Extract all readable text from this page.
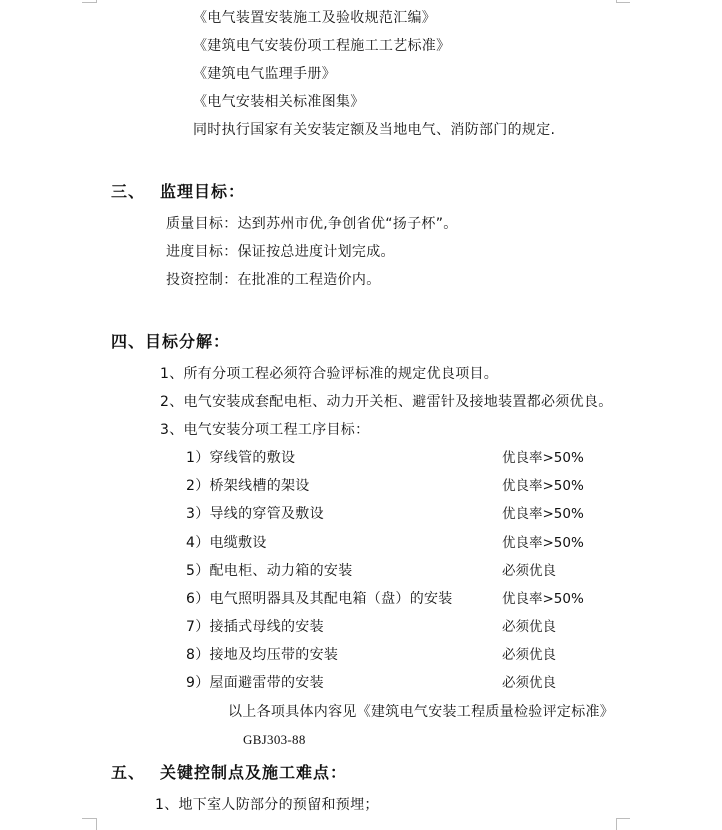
《电气装置安装施工及验收规范汇编》
《建筑电气安装份项工程施工工艺标准》
《建筑电气监理手册》
《电气安装相关标准图集》
同时执行国家有关安装定额及当地电气、消防部门的规定.
三、 监理目标：
质量目标：达到苏州市优,争创省优“扬子杯”。
进度目标：保证按总进度计划完成。
投资控制：在批准的工程造价内。
四、目标分解：
1、所有分项工程必须符合验评标准的规定优良项目。
2、电气安装成套配电柜、动力开关柜、避雷针及接地装置都必须优良。
3、电气安装分项工程工序目标：
1）穿线管的敷设	优良率>50%
2）桥架线槽的架设	优良率>50%
3）导线的穿管及敷设	优良率>50%
4）电缆敷设	优良率>50%
5）配电柜、动力箱的安装	必须优良
6）电气照明器具及其配电箱（盘）的安装	优良率>50%
7）接插式母线的安装	必须优良
8）接地及均压带的安装	必须优良
9）屋面避雷带的安装	必须优良
以上各项具体内容见《建筑电气安装工程质量检验评定标准》
GBJ303-88
五、 关键控制点及施工难点：
1、地下室人防部分的预留和预埋；
